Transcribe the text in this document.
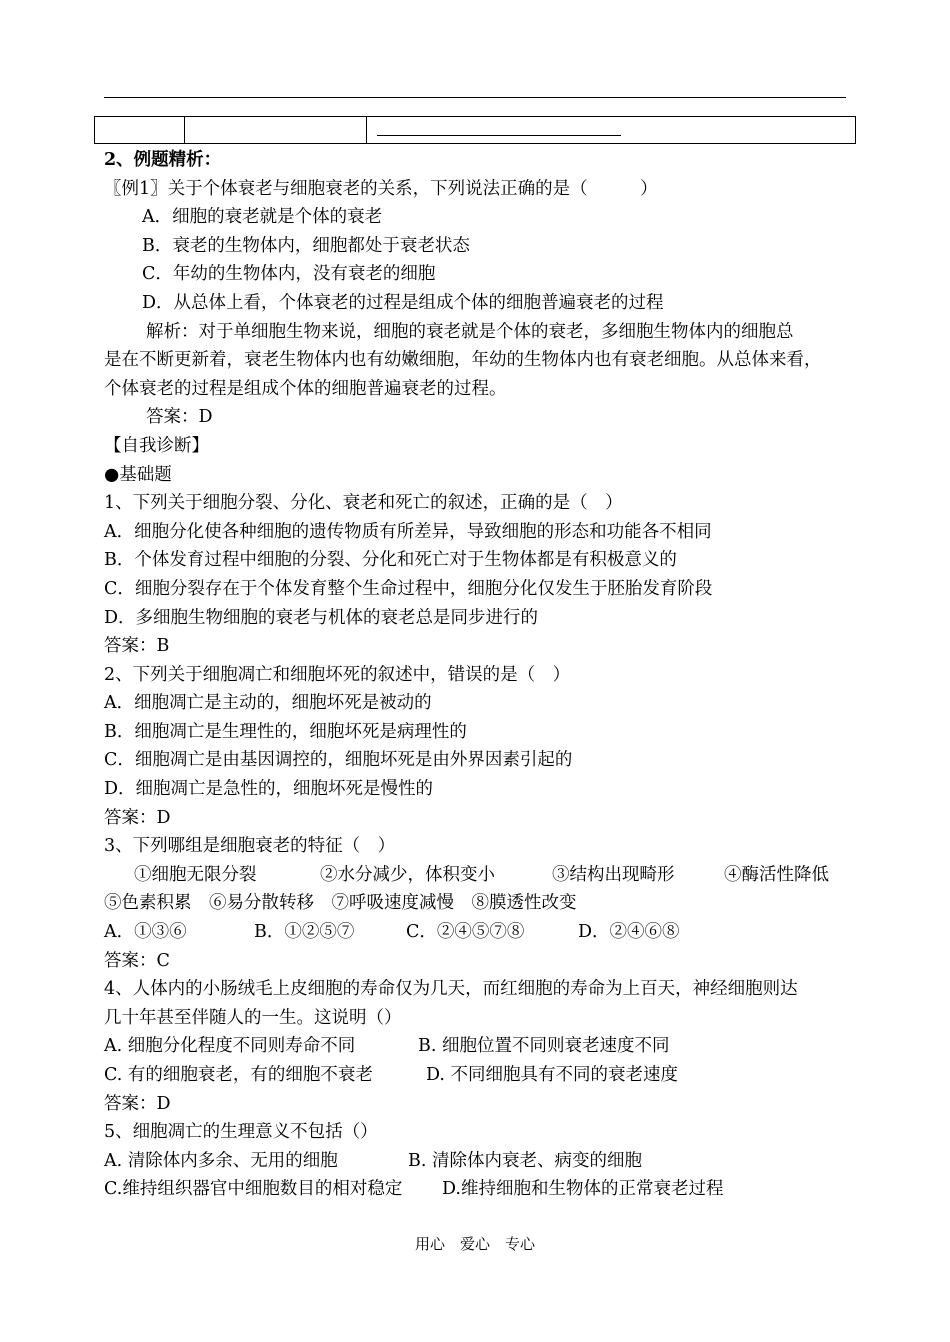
2、例题精析：
〖例1〗关于个体衰老与细胞衰老的关系，下列说法正确的是（　　　）
A．细胞的衰老就是个体的衰老
B．衰老的生物体内，细胞都处于衰老状态
C．年幼的生物体内，没有衰老的细胞
D．从总体上看，个体衰老的过程是组成个体的细胞普遍衰老的过程
解析：对于单细胞生物来说，细胞的衰老就是个体的衰老，多细胞生物体内的细胞总
是在不断更新着，衰老生物体内也有幼嫩细胞，年幼的生物体内也有衰老细胞。从总体来看，
个体衰老的过程是组成个体的细胞普遍衰老的过程。
答案：D
【自我诊断】
●基础题
1、下列关于细胞分裂、分化、衰老和死亡的叙述，正确的是（　）
A．细胞分化使各种细胞的遗传物质有所差异，导致细胞的形态和功能各不相同
B．个体发育过程中细胞的分裂、分化和死亡对于生物体都是有积极意义的
C．细胞分裂存在于个体发育整个生命过程中，细胞分化仅发生于胚胎发育阶段
D．多细胞生物细胞的衰老与机体的衰老总是同步进行的
答案：B
2、下列关于细胞凋亡和细胞坏死的叙述中，错误的是（　）
A．细胞凋亡是主动的，细胞坏死是被动的
B．细胞凋亡是生理性的，细胞坏死是病理性的
C．细胞凋亡是由基因调控的，细胞坏死是由外界因素引起的
D．细胞凋亡是急性的，细胞坏死是慢性的
答案：D
3、下列哪组是细胞衰老的特征（　）
①细胞无限分裂	②水分减少，体积变小	③结构出现畸形	④酶活性降低
⑤色素积累　⑥易分散转移　⑦呼吸速度减慢　⑧膜透性改变
A．①③⑥	B．①②⑤⑦	C．②④⑤⑦⑧	D．②④⑥⑧
答案：C
4、人体内的小肠绒毛上皮细胞的寿命仅为几天，而红细胞的寿命为上百天，神经细胞则达
几十年甚至伴随人的一生。这说明（）
A. 细胞分化程度不同则寿命不同	B. 细胞位置不同则衰老速度不同
C. 有的细胞衰老，有的细胞不衰老	D. 不同细胞具有不同的衰老速度
答案：D
5、细胞凋亡的生理意义不包括（）
A. 清除体内多余、无用的细胞	B. 清除体内衰老、病变的细胞
C.维持组织器官中细胞数目的相对稳定	D.维持细胞和生物体的正常衰老过程
用心　爱心　专心
